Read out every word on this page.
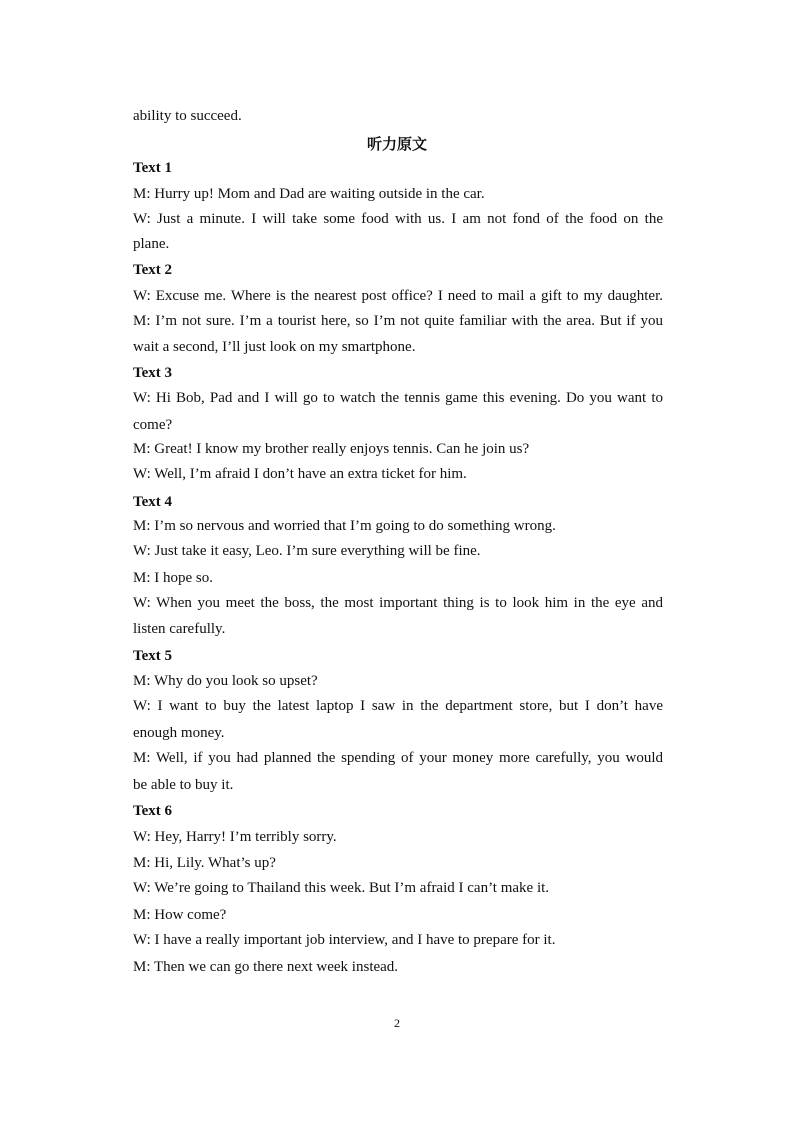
ability to succeed.
听力原文
Text 1
M: Hurry up! Mom and Dad are waiting outside in the car.
W: Just a minute. I will take some food with us. I am not fond of the food on the
plane.
Text 2
W: Excuse me. Where is the nearest post office? I need to mail a gift to my daughter.
M: I’m not sure. I’m a tourist here, so I’m not quite familiar with the area. But if you
wait a second, I’ll just look on my smartphone.
Text 3
W: Hi Bob, Pad and I will go to watch the tennis game this evening. Do you want to
come?
M: Great! I know my brother really enjoys tennis. Can he join us?
W: Well, I’m afraid I don’t have an extra ticket for him.
Text 4
M: I’m so nervous and worried that I’m going to do something wrong.
W: Just take it easy, Leo. I’m sure everything will be fine.
M: I hope so.
W: When you meet the boss, the most important thing is to look him in the eye and
listen carefully.
Text 5
M: Why do you look so upset?
W: I want to buy the latest laptop I saw in the department store, but I don’t have
enough money.
M: Well, if you had planned the spending of your money more carefully, you would
be able to buy it.
Text 6
W: Hey, Harry! I’m terribly sorry.
M: Hi, Lily. What’s up?
W: We’re going to Thailand this week. But I’m afraid I can’t make it.
M: How come?
W: I have a really important job interview, and I have to prepare for it.
M: Then we can go there next week instead.
2
